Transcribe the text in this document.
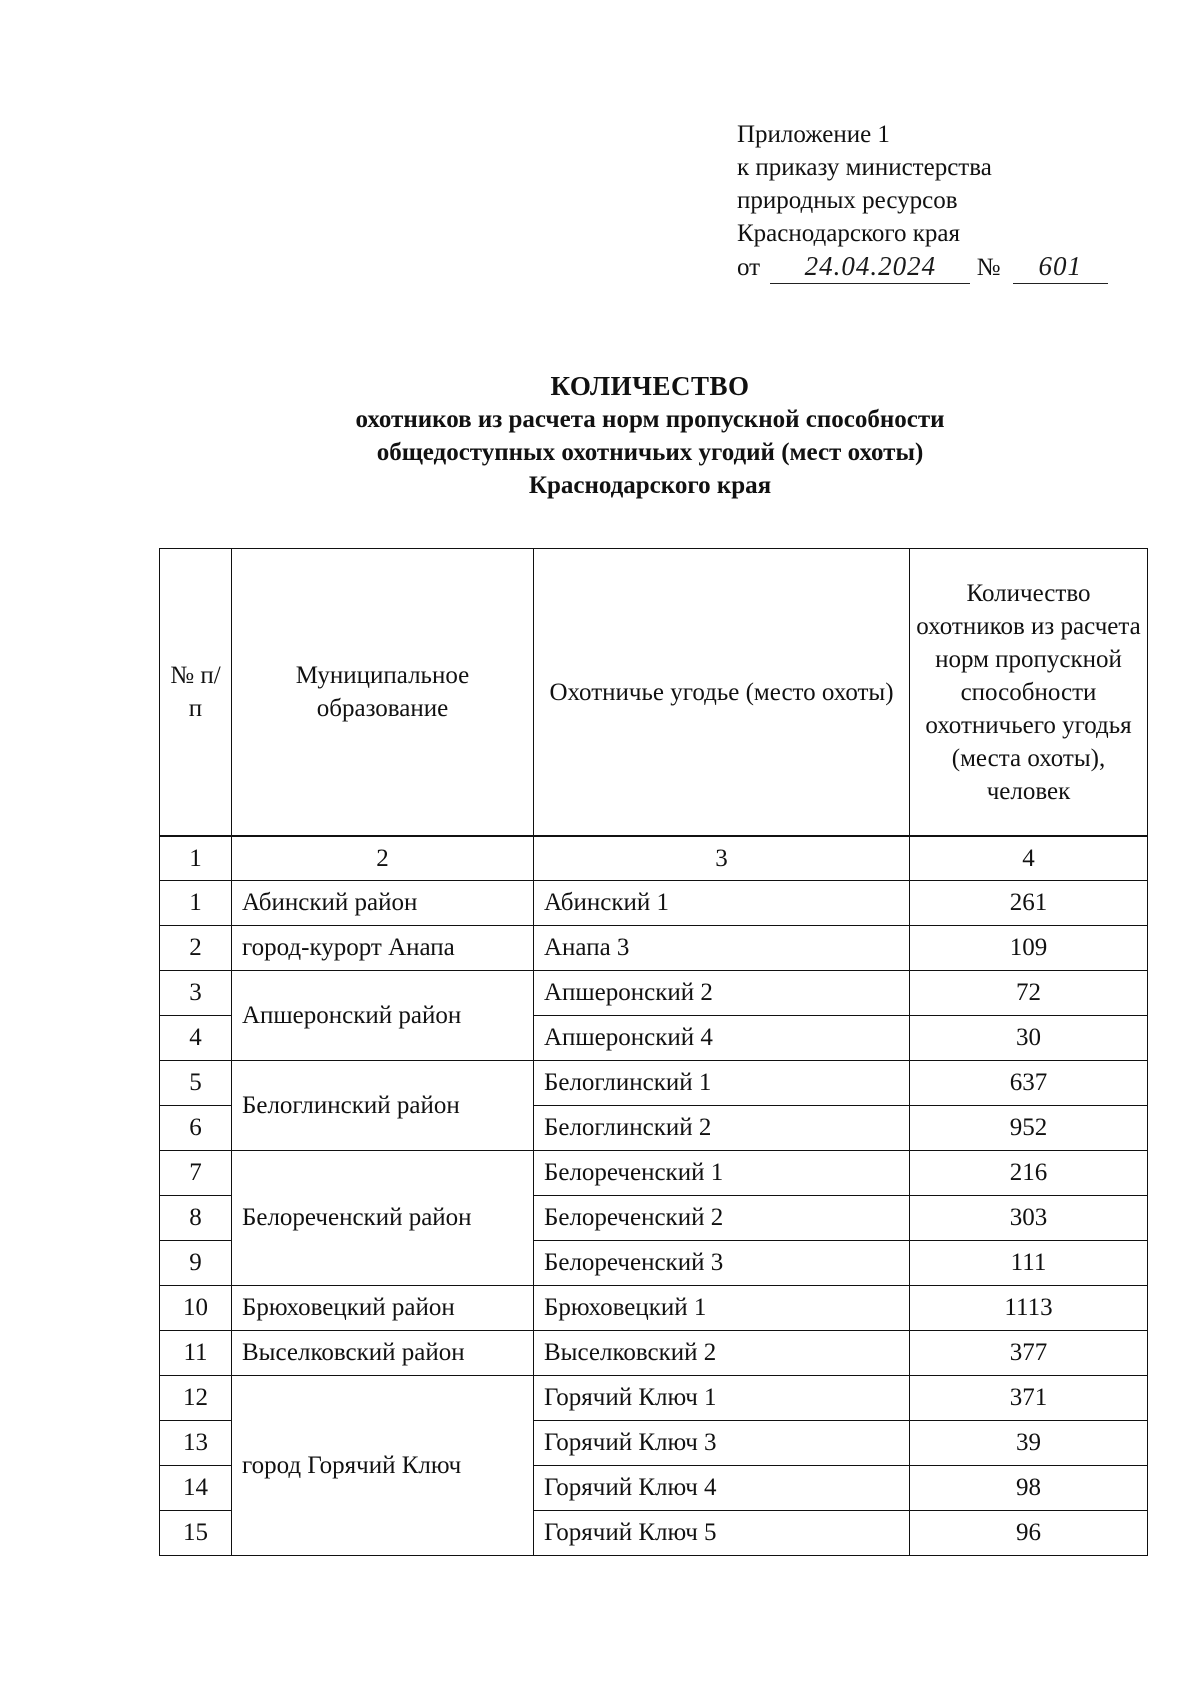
Приложение 1
к приказу министерства
природных ресурсов
Краснодарского края
от 24.04.2024 № 601
КОЛИЧЕСТВО
охотников из расчета норм пропускной способности
общедоступных охотничьих угодий (мест охоты)
Краснодарского края
№ п/п	Муниципальное образование	Охотничье угодье (место охоты)	Количество охотников из расчета норм пропускной способности охотничьего угодья (места охоты), человек
1	2	3	4
1	Абинский район	Абинский 1	261
2	город-курорт Анапа	Анапа 3	109
3	Апшеронский район	Апшеронский 2	72
4		Апшеронский 4	30
5	Белоглинский район	Белоглинский 1	637
6		Белоглинский 2	952
7	Белореченский район	Белореченский 1	216
8		Белореченский 2	303
9		Белореченский 3	111
10	Брюховецкий район	Брюховецкий 1	1113
11	Выселковский район	Выселковский 2	377
12	город Горячий Ключ	Горячий Ключ 1	371
13		Горячий Ключ 3	39
14		Горячий Ключ 4	98
15		Горячий Ключ 5	96
